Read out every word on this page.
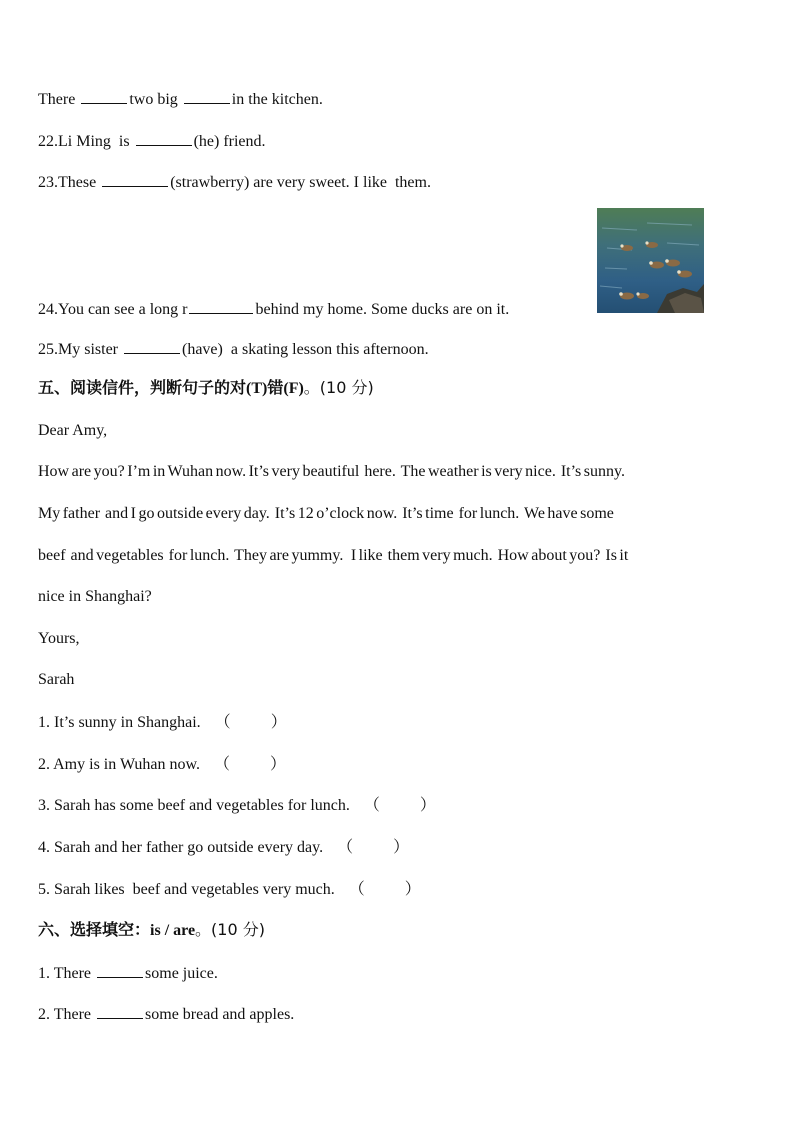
There	two big	in the kitchen.
22.Li Ming  is	(he) friend.
23.These	(strawberry) are very sweet. I like  them.
24.You can see a long r	behind my home. Some ducks are on it.
25.My sister	(have)  a skating lesson this afternoon.
五、阅读信件，判断句子的对(T)错(F)。(10 分)
Dear Amy,
How are you? I’m in Wuhan now. It’s very beautiful  here.  The weather is very nice.  It’s sunny.
My father  and I go outside every day.  It’s 12 o’clock now.  It’s time  for lunch.  We have some
beef  and vegetables  for lunch.  They are yummy.   I like  them very much.  How about you?  Is it
nice in Shanghai?
Yours,
Sarah
1. It’s sunny in Shanghai. （	）
2. Amy is in Wuhan now. （	）
3. Sarah has some beef and vegetables for lunch. （	）
4. Sarah and her father go outside every day. （	）
5. Sarah likes  beef and vegetables very much. （	）
六、选择填空：is / are。(10 分)
1. There	some juice.
2. There	some bread and apples.
